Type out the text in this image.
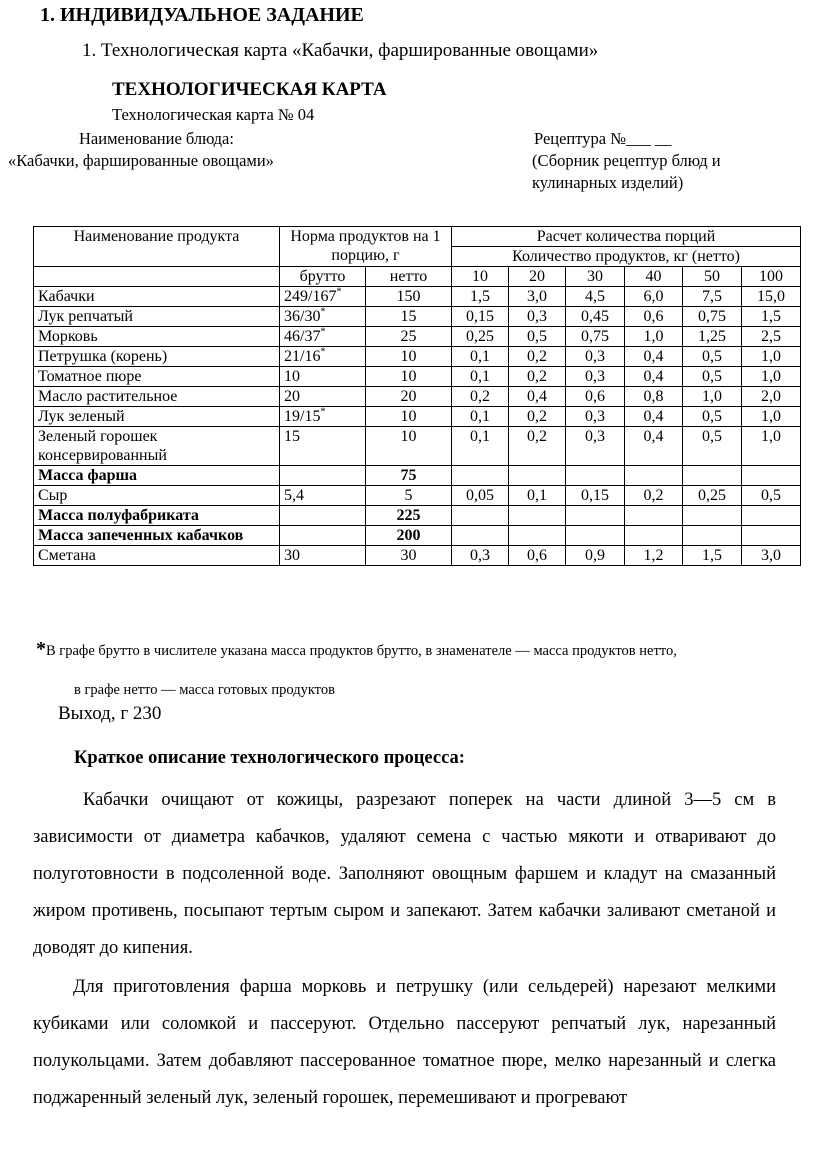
1. ИНДИВИДУАЛЬНОЕ ЗАДАНИЕ
1. Технологическая карта «Кабачки, фаршированные овощами»
ТЕХНОЛОГИЧЕСКАЯ КАРТА
Технологическая карта № 04
Наименование блюда:
«Кабачки, фаршированные овощами»
Рецептура №___ __
(Сборник рецептур блюд и
кулинарных изделий)
Наименование продукта	Норма продуктов на 1 порцию, г		Расчет количества порций					
			Количество продуктов, кг (нетто)					
	брутто	нетто	10	20	30	40	50	100
Кабачки	249/167*	150	1,5	3,0	4,5	6,0	7,5	15,0
Лук репчатый	36/30*	15	0,15	0,3	0,45	0,6	0,75	1,5
Морковь	46/37*	25	0,25	0,5	0,75	1,0	1,25	2,5
Петрушка (корень)	21/16*	10	0,1	0,2	0,3	0,4	0,5	1,0
Томатное пюре	10	10	0,1	0,2	0,3	0,4	0,5	1,0
Масло растительное	20	20	0,2	0,4	0,6	0,8	1,0	2,0
Лук зеленый	19/15*	10	0,1	0,2	0,3	0,4	0,5	1,0
Зеленый горошек консервированный	15	10	0,1	0,2	0,3	0,4	0,5	1,0
Масса фарша		75						
Сыр	5,4	5	0,05	0,1	0,15	0,2	0,25	0,5
Масса полуфабриката		225						
Масса запеченных кабачков		200						
Сметана	30	30	0,3	0,6	0,9	1,2	1,5	3,0
*В графе брутто в числителе указана масса продуктов брутто, в знаменателе — масса продуктов нетто,
в графе нетто — масса готовых продуктов
Выход, г 230
Краткое описание технологического процесса:
Кабачки очищают от кожицы, разрезают поперек на части длиной 3—5 см в зависимости от диаметра кабачков, удаляют семена с частью мякоти и отваривают до полуготовности в подсоленной воде. Заполняют овощным фаршем и кладут на смазанный жиром противень, посыпают тертым сыром и запекают. Затем кабачки заливают сметаной и доводят до кипения.
Для приготовления фарша морковь и петрушку (или сельдерей) нарезают мелкими кубиками или соломкой и пассеруют. Отдельно пассеруют репчатый лук, нарезанный полукольцами. Затем добавляют пассерованное томатное пюре, мелко нарезанный и слегка поджаренный зеленый лук, зеленый горошек, перемешивают и прогревают
